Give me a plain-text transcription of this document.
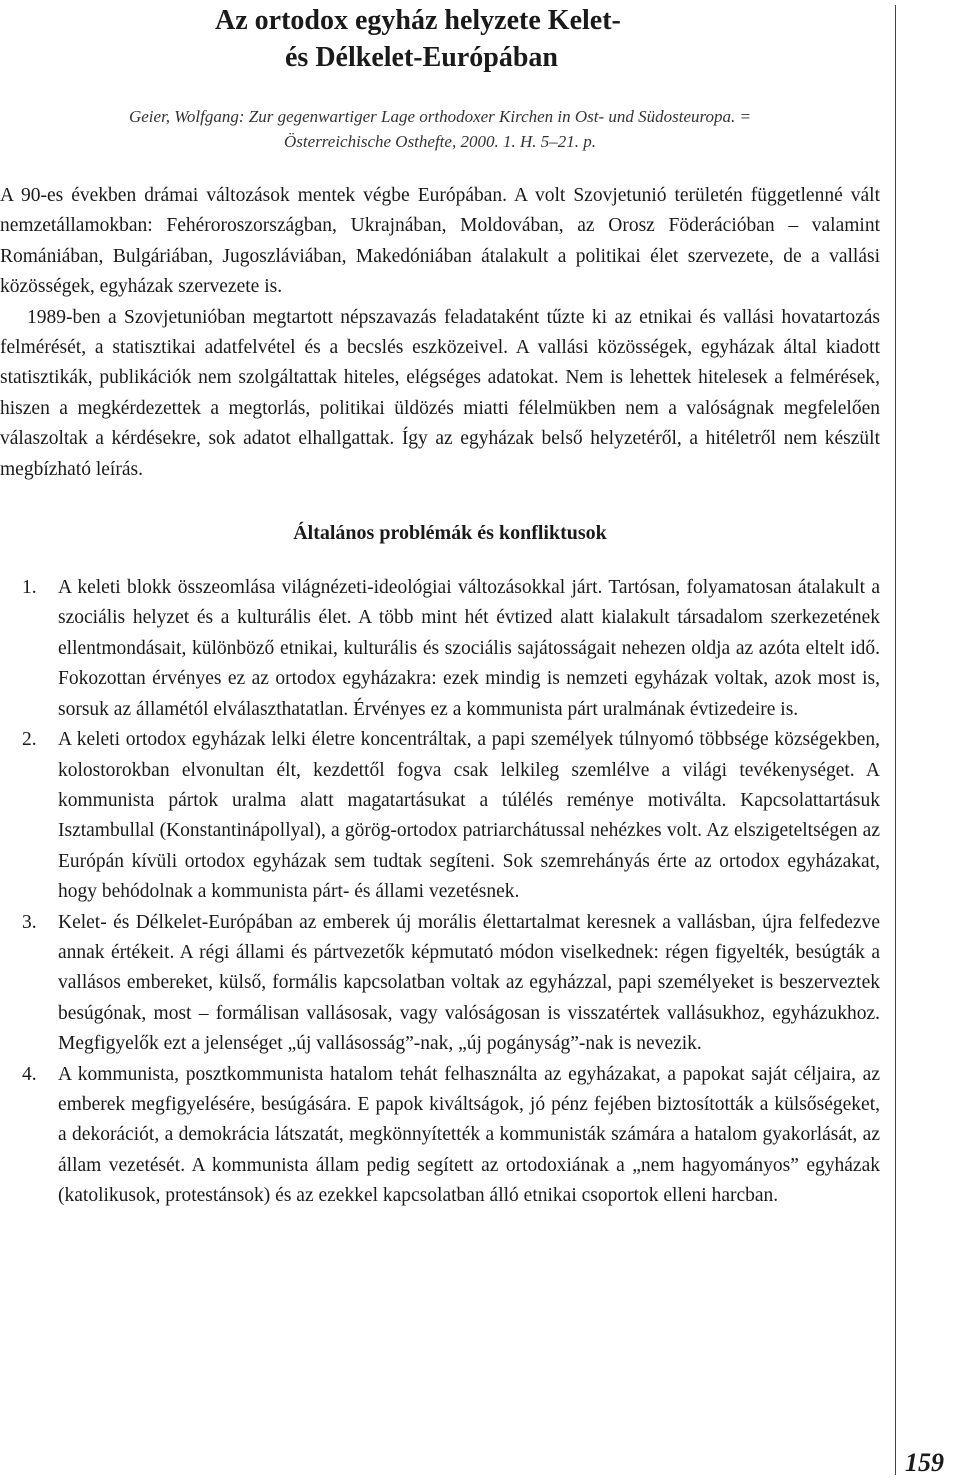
Az ortodox egyház helyzete Kelet-
és Délkelet-Európában
Geier, Wolfgang: Zur gegenwartiger Lage orthodoxer Kirchen in Ost- und Südosteuropa. =
Österreichische Osthefte, 2000. 1. H. 5–21. p.

A 90-es években drámai változások mentek végbe Európában. A volt Szovjetunió területén függetlenné vált nemzetállamokban: Fehéroroszországban, Ukrajnában, Moldovában, az Orosz Föderációban – valamint Romániában, Bulgáriában, Jugoszláviában, Makedóniában átalakult a politikai élet szervezete, de a vallási közösségek, egyházak szervezete is.

1989-ben a Szovjetunióban megtartott népszavazás feladataként tűzte ki az etnikai és vallási hovatartozás felmérését, a statisztikai adatfelvétel és a becslés eszközeivel. A vallási közösségek, egyházak által kiadott statisztikák, publikációk nem szolgáltattak hiteles, elégséges adatokat. Nem is lehettek hitelesek a felmérések, hiszen a megkérdezettek a megtorlás, politikai üldözés miatti félelmükben nem a valóságnak megfelelően válaszoltak a kérdésekre, sok adatot elhallgattak. Így az egyházak belső helyzetéről, a hitéletről nem készült megbízható leírás.

Általános problémák és konfliktusok
1. A keleti blokk összeomlása világnézeti-ideológiai változásokkal járt. Tartósan, folyamatosan átalakult a szociális helyzet és a kulturális élet. A több mint hét évtized alatt kialakult társadalom szerkezetének ellentmondásait, különböző etnikai, kulturális és szociális sajátosságait nehezen oldja az azóta eltelt idő. Fokozottan érvényes ez az ortodox egyházakra: ezek mindig is nemzeti egyházak voltak, azok most is, sorsuk az államétól elválaszthatatlan. Érvényes ez a kommunista párt uralmának évtizedeire is.
2. A keleti ortodox egyházak lelki életre koncentráltak, a papi személyek túlnyomó többsége községekben, kolostorokban elvonultan élt, kezdettől fogva csak lelkileg szemlélve a világi tevékenységet. A kommunista pártok uralma alatt magatartásukat a túlélés reménye motiválta. Kapcsolattartásuk Isztambullal (Konstantinápollyal), a görög-ortodox patriarchátussal nehézkes volt. Az elszigeteltségen az Európán kívüli ortodox egyházak sem tudtak segíteni. Sok szemrehányás érte az ortodox egyházakat, hogy behódolnak a kommunista párt- és állami vezetésnek.
3. Kelet- és Délkelet-Európában az emberek új morális élettartalmat keresnek a vallásban, újra felfedezve annak értékeit. A régi állami és pártvezetők képmutató módon viselkednek: régen figyelték, besúgták a vallásos embereket, külső, formális kapcsolatban voltak az egyházzal, papi személyeket is beszerveztek besúgónak, most – formálisan vallásosak, vagy valóságosan is visszatértek vallásukhoz, egyházukhoz. Megfigyelők ezt a jelenséget „új vallásosság”-nak, „új pogányság”-nak is nevezik.
4. A kommunista, posztkommunista hatalom tehát felhasználta az egyházakat, a papokat saját céljaira, az emberek megfigyelésére, besúgására. E papok kiváltságok, jó pénz fejében biztosították a külsőségeket, a dekorációt, a demokrácia látszatát, megkönnyítették a kommunisták számára a hatalom gyakorlását, az állam vezetését. A kommunista állam pedig segített az ortodoxiának a „nem hagyományos” egyházak (katolikusok, protestánsok) és az ezekkel kapcsolatban álló etnikai csoportok elleni harcban.
159
